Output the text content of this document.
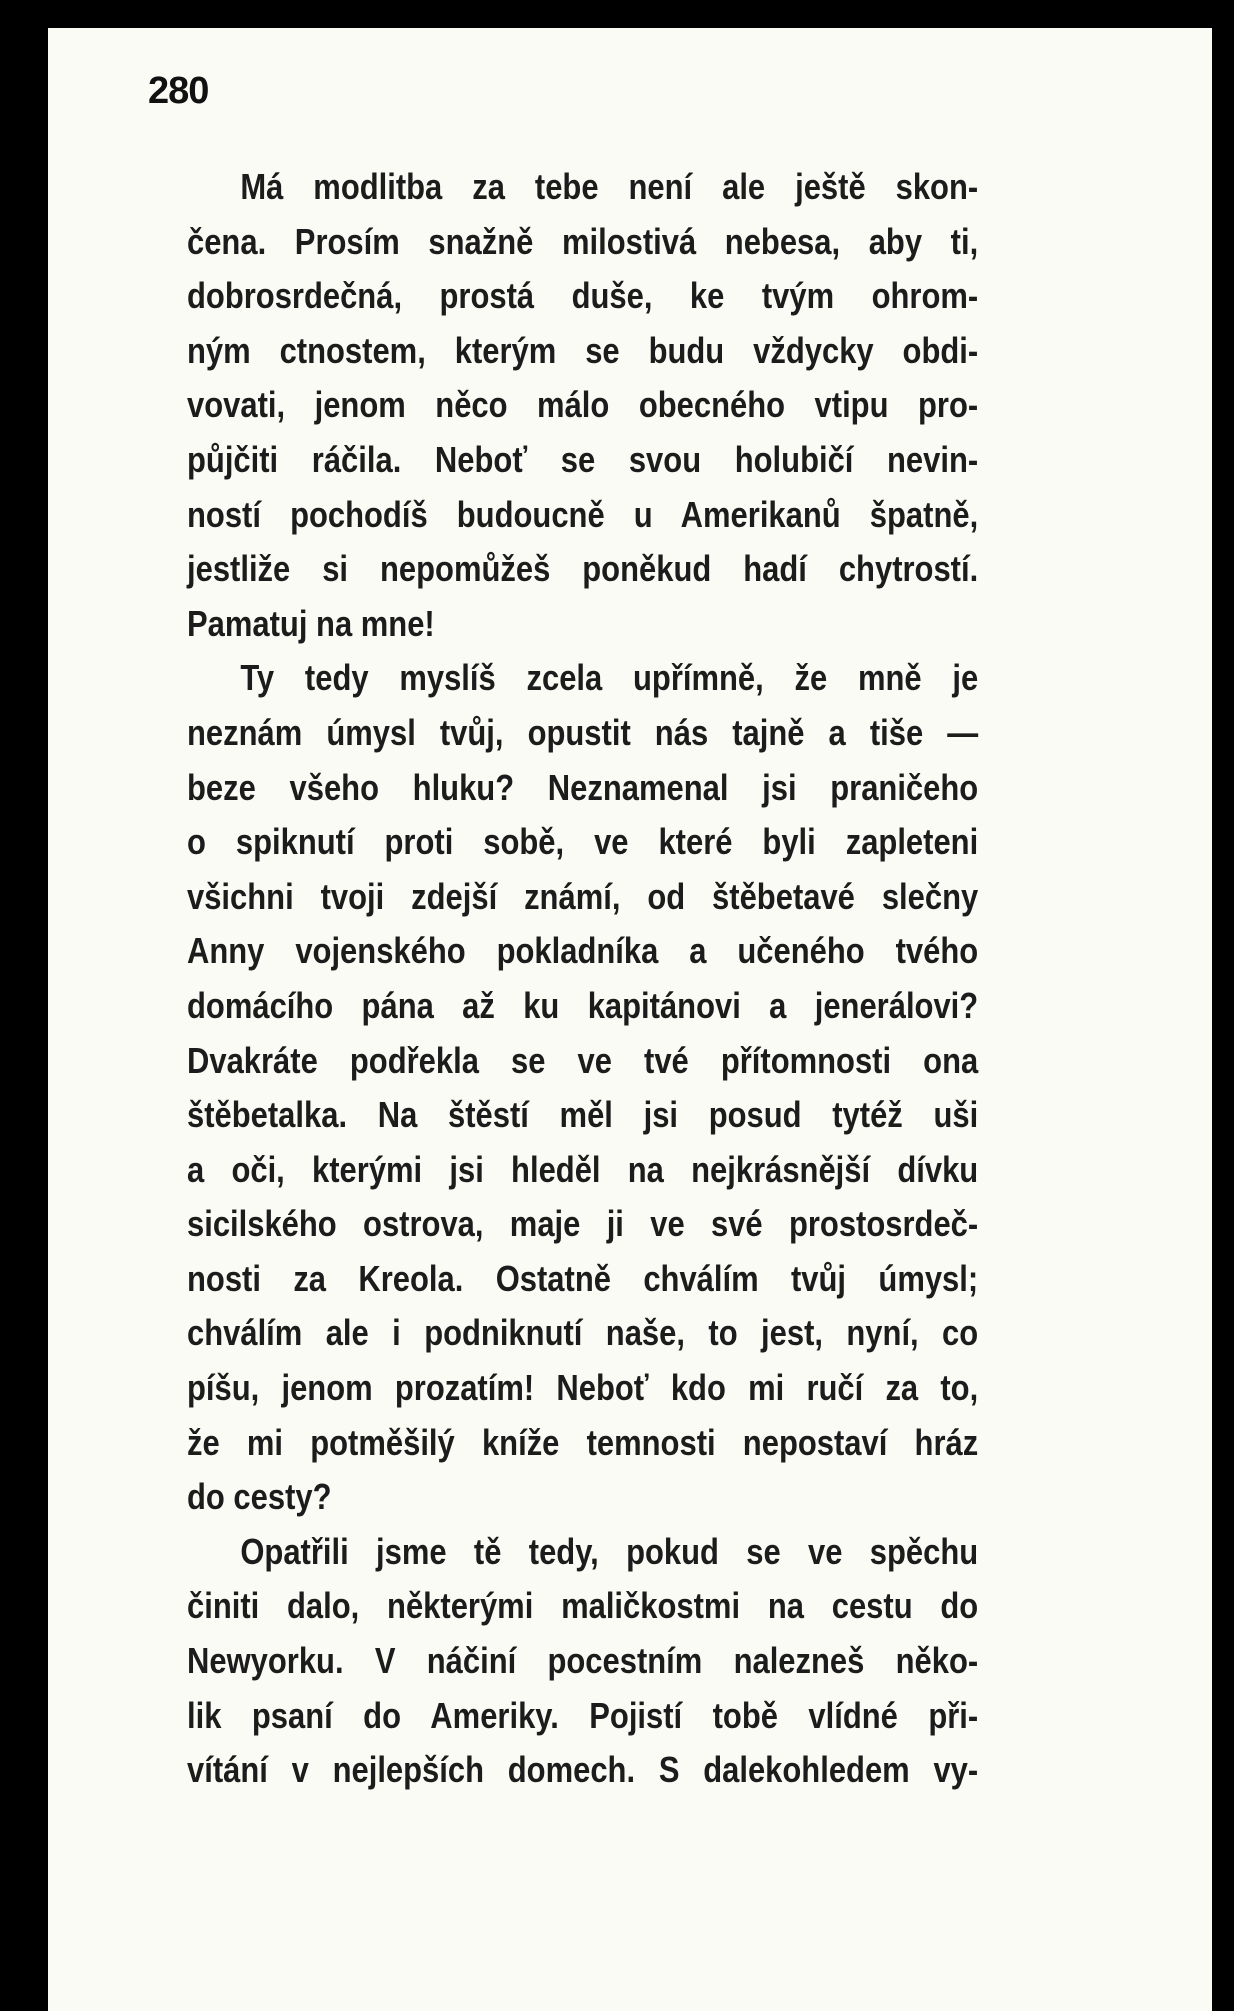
280

Má modlitba za tebe není ale ještě skon-
čena. Prosím snažně milostivá nebesa, aby ti,
dobrosrdečná, prostá duše, ke tvým ohrom-
ným ctnostem, kterým se budu vždycky obdi-
vovati, jenom něco málo obecného vtipu pro-
půjčiti ráčila. Neboť se svou holubičí nevin-
ností pochodíš budoucně u Amerikanů špatně,
jestliže si nepomůžeš poněkud hadí chytrostí.
Pamatuj na mne!
Ty tedy myslíš zcela upřímně, že mně je
neznám úmysl tvůj, opustit nás tajně a tiše —
beze všeho hluku? Neznamenal jsi praničeho
o spiknutí proti sobě, ve které byli zapleteni
všichni tvoji zdejší známí, od štěbetavé slečny
Anny vojenského pokladníka a učeného tvého
domácího pána až ku kapitánovi a jenerálovi?
Dvakráte podřekla se ve tvé přítomnosti ona
štěbetalka. Na štěstí měl jsi posud tytéž uši
a oči, kterými jsi hleděl na nejkrásnější dívku
sicilského ostrova, maje ji ve své prostosrdeč-
nosti za Kreola. Ostatně chválím tvůj úmysl;
chválím ale i podniknutí naše, to jest, nyní, co
píšu, jenom prozatím! Neboť kdo mi ručí za to,
že mi potměšilý kníže temnosti nepostaví hráz
do cesty?
Opatřili jsme tě tedy, pokud se ve spěchu
činiti dalo, některými maličkostmi na cestu do
Newyorku. V náčiní pocestním nalezneš něko-
lik psaní do Ameriky. Pojistí tobě vlídné při-
vítání v nejlepších domech. S dalekohledem vy-
